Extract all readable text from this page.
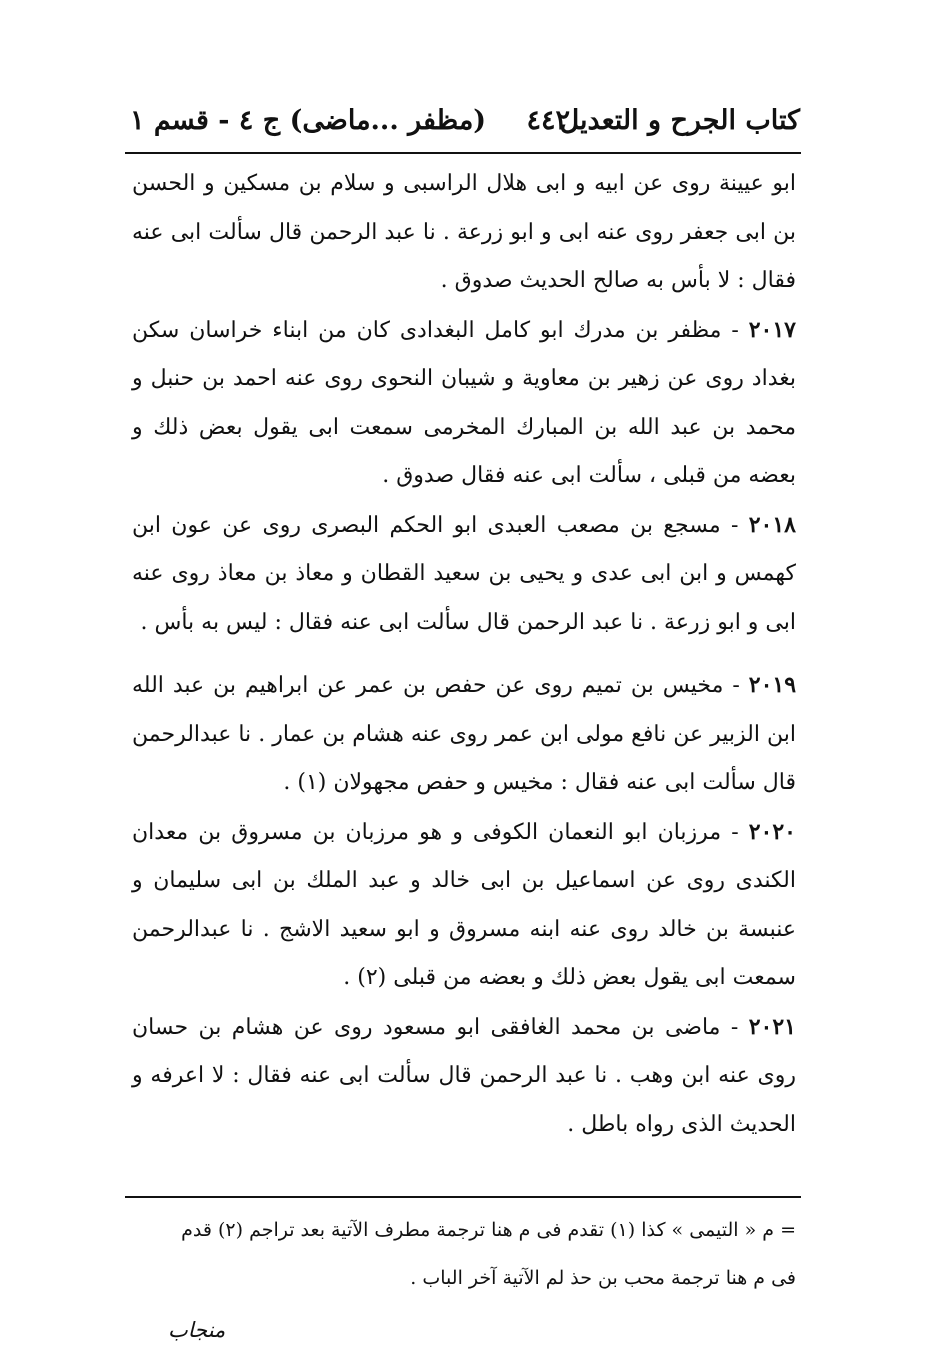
كتاب الجرح و التعديل
٤٤٢
(مظفر ...ماضى) ج ٤ - قسم ١

ابو عيينة روى عن ابيه و ابى هلال الراسبى و سلام بن مسكين و الحسن بن ابى جعفر روى عنه ابى و ابو زرعة . نا عبد الرحمن قال سألت ابى عنه فقال : لا بأس به صالح الحديث صدوق .

٢٠١٧ - مظفر بن مدرك ابو كامل البغدادى كان من ابناء خراسان سكن بغداد روى عن زهير بن معاوية و شيبان النحوى روى عنه احمد بن حنبل و محمد بن عبد الله بن المبارك المخرمى سمعت ابى يقول بعض ذلك و بعضه من قبلى ، سألت ابى عنه فقال صدوق .

٢٠١٨ - مسجع بن مصعب العبدى ابو الحكم البصرى روى عن عون ابن كهمس و ابن ابى عدى و يحيى بن سعيد القطان و معاذ بن معاذ روى عنه ابى و ابو زرعة . نا عبد الرحمن قال سألت ابى عنه فقال : ليس به بأس .

٢٠١٩ - مخيس بن تميم روى عن حفص بن عمر عن ابراهيم بن عبد الله ابن الزبير عن نافع مولى ابن عمر روى عنه هشام بن عمار . نا عبدالرحمن قال سألت ابى عنه فقال : مخيس و حفص مجهولان (١) .

٢٠٢٠ - مرزبان ابو النعمان الكوفى و هو مرزبان بن مسروق بن معدان الكندى روى عن اسماعيل بن ابى خالد و عبد الملك بن ابى سليمان و عنبسة بن خالد روى عنه ابنه مسروق و ابو سعيد الاشج . نا عبدالرحمن سمعت ابى يقول بعض ذلك و بعضه من قبلى (٢) .

٢٠٢١ - ماضى بن محمد الغافقى ابو مسعود روى عن هشام بن حسان روى عنه ابن وهب . نا عبد الرحمن قال سألت ابى عنه فقال : لا اعرفه و الحديث الذى رواه باطل .

= م « التيمى » كذا (١) تقدم فى م هنا ترجمة مطرف الآتية بعد تراجم (٢) قدم

فى م هنا ترجمة محب بن حذ لم الآتية آخر الباب .

منجاب
